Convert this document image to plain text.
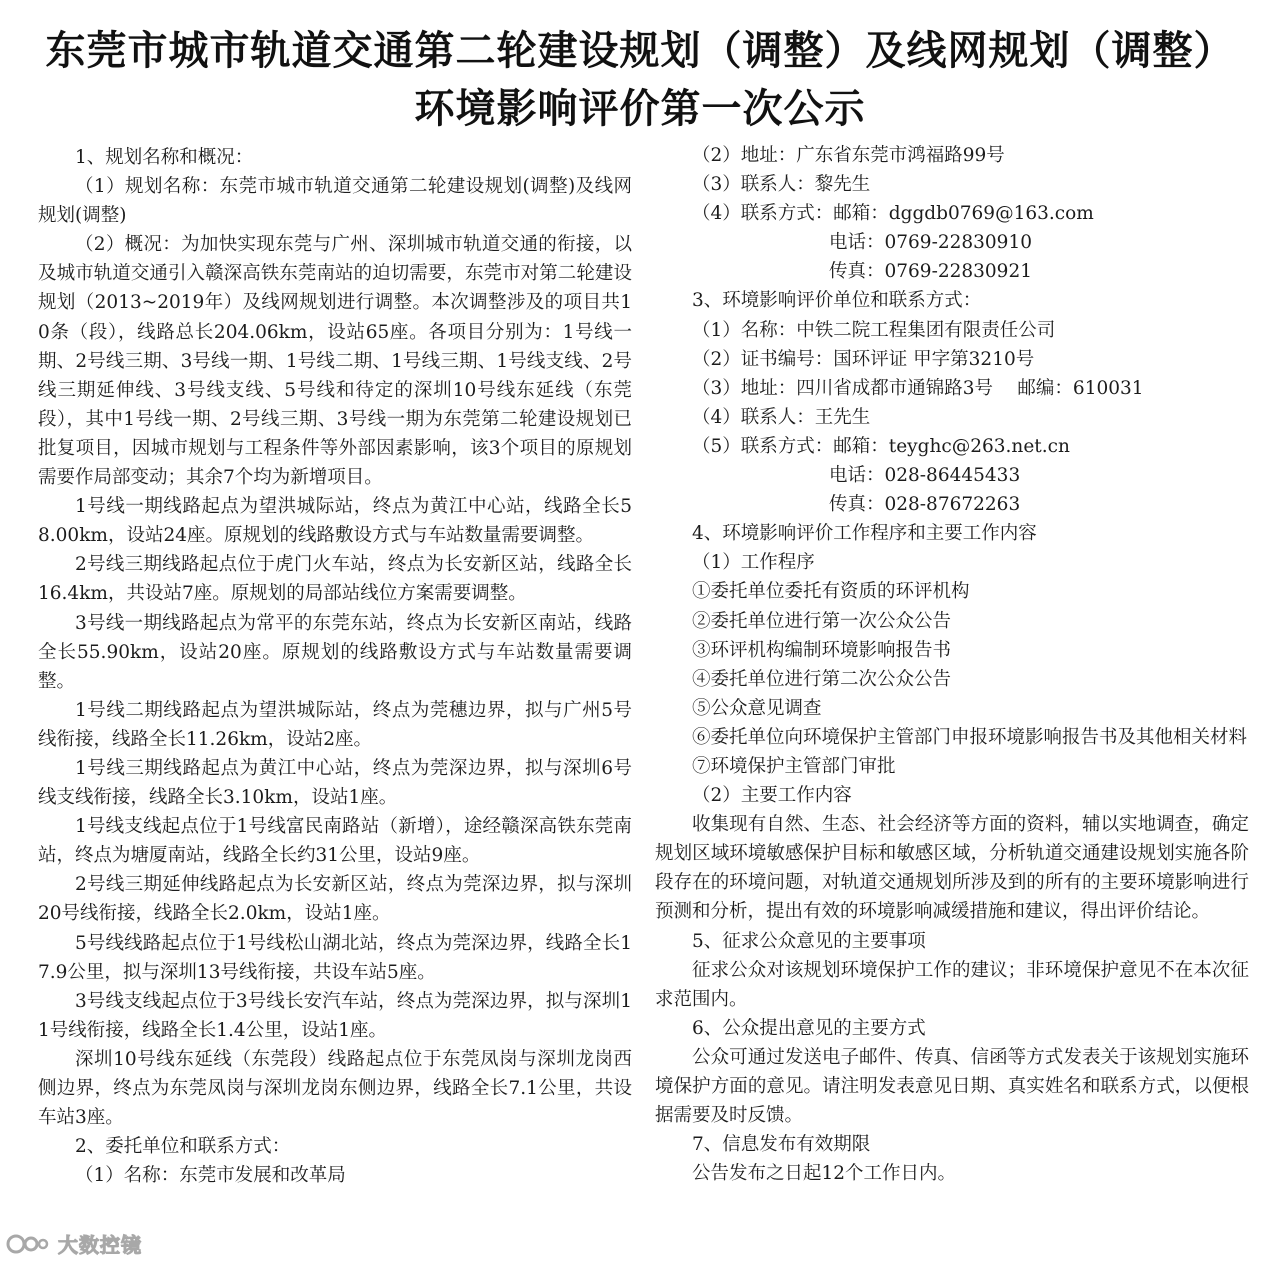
东莞市城市轨道交通第二轮建设规划（调整）及线网规划（调整）
环境影响评价第一次公示

1、规划名称和概况：

（1）规划名称：东莞市城市轨道交通第二轮建设规划(调整)及线网规划(调整)

（2）概况：为加快实现东莞与广州、深圳城市轨道交通的衔接，以及城市轨道交通引入赣深高铁东莞南站的迫切需要，东莞市对第二轮建设规划（2013~2019年）及线网规划进行调整。本次调整涉及的项目共10条（段），线路总长204.06km，设站65座。各项目分别为：1号线一期、2号线三期、3号线一期、1号线二期、1号线三期、1号线支线、2号线三期延伸线、3号线支线、5号线和待定的深圳10号线东延线（东莞段），其中1号线一期、2号线三期、3号线一期为东莞第二轮建设规划已批复项目，因城市规划与工程条件等外部因素影响，该3个项目的原规划需要作局部变动；其余7个均为新增项目。

1号线一期线路起点为望洪城际站，终点为黄江中心站，线路全长58.00km，设站24座。原规划的线路敷设方式与车站数量需要调整。

2号线三期线路起点位于虎门火车站，终点为长安新区站，线路全长16.4km，共设站7座。原规划的局部站线位方案需要调整。

3号线一期线路起点为常平的东莞东站，终点为长安新区南站，线路全长55.90km，设站20座。原规划的线路敷设方式与车站数量需要调整。

1号线二期线路起点为望洪城际站，终点为莞穗边界，拟与广州5号线衔接，线路全长11.26km，设站2座。

1号线三期线路起点为黄江中心站，终点为莞深边界，拟与深圳6号线支线衔接，线路全长3.10km，设站1座。

1号线支线起点位于1号线富民南路站（新增），途经赣深高铁东莞南站，终点为塘厦南站，线路全长约31公里，设站9座。

2号线三期延伸线路起点为长安新区站，终点为莞深边界，拟与深圳20号线衔接，线路全长2.0km，设站1座。

5号线线路起点位于1号线松山湖北站，终点为莞深边界，线路全长17.9公里，拟与深圳13号线衔接，共设车站5座。

3号线支线起点位于3号线长安汽车站，终点为莞深边界，拟与深圳11号线衔接，线路全长1.4公里，设站1座。

深圳10号线东延线（东莞段）线路起点位于东莞凤岗与深圳龙岗西侧边界，终点为东莞凤岗与深圳龙岗东侧边界，线路全长7.1公里，共设车站3座。

2、委托单位和联系方式：

（1）名称：东莞市发展和改革局

（2）地址：广东省东莞市鸿福路99号

（3）联系人：黎先生

（4）联系方式：邮箱：dggdb0769@163.com

电话：0769-22830910

传真：0769-22830921

3、环境影响评价单位和联系方式：

（1）名称：中铁二院工程集团有限责任公司

（2）证书编号：国环评证 甲字第3210号

（3）地址：四川省成都市通锦路3号　 邮编：610031

（4）联系人：王先生

（5）联系方式：邮箱：teyghc@263.net.cn

电话：028-86445433

传真：028-87672263

4、环境影响评价工作程序和主要工作内容

（1）工作程序

①委托单位委托有资质的环评机构

②委托单位进行第一次公众公告

③环评机构编制环境影响报告书

④委托单位进行第二次公众公告

⑤公众意见调查

⑥委托单位向环境保护主管部门申报环境影响报告书及其他相关材料

⑦环境保护主管部门审批

（2）主要工作内容

收集现有自然、生态、社会经济等方面的资料，辅以实地调查，确定规划区域环境敏感保护目标和敏感区域，分析轨道交通建设规划实施各阶段存在的环境问题，对轨道交通规划所涉及到的所有的主要环境影响进行预测和分析，提出有效的环境影响减缓措施和建议，得出评价结论。

5、征求公众意见的主要事项

征求公众对该规划环境保护工作的建议；非环境保护意见不在本次征求范围内。

6、公众提出意见的主要方式

公众可通过发送电子邮件、传真、信函等方式发表关于该规划实施环境保护方面的意见。请注明发表意见日期、真实姓名和联系方式，以便根据需要及时反馈。

7、信息发布有效期限

公告发布之日起12个工作日内。

大数控镜
